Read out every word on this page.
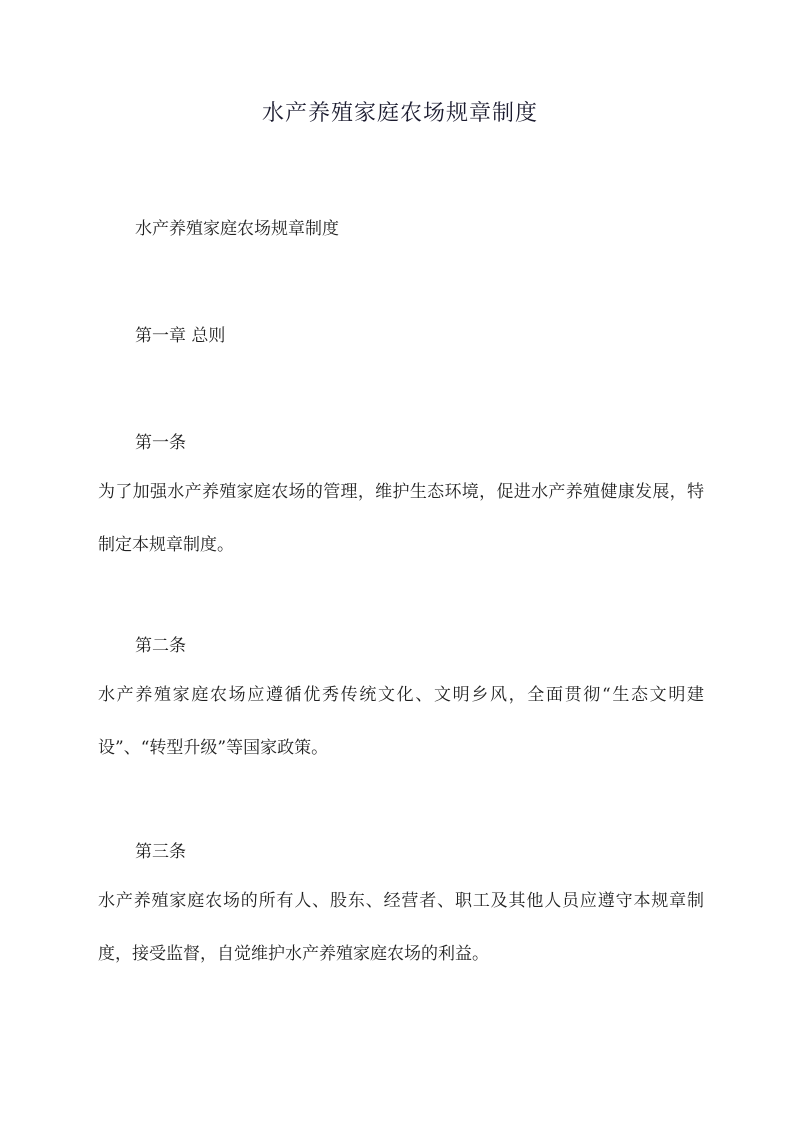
水产养殖家庭农场规章制度

水产养殖家庭农场规章制度

第一章 总则

第一条

为了加强水产养殖家庭农场的管理，维护生态环境，促进水产养殖健康发展，特制定本规章制度。

第二条

水产养殖家庭农场应遵循优秀传统文化、文明乡风，全面贯彻“生态文明建设”、“转型升级”等国家政策。

第三条

水产养殖家庭农场的所有人、股东、经营者、职工及其他人员应遵守本规章制度，接受监督，自觉维护水产养殖家庭农场的利益。
